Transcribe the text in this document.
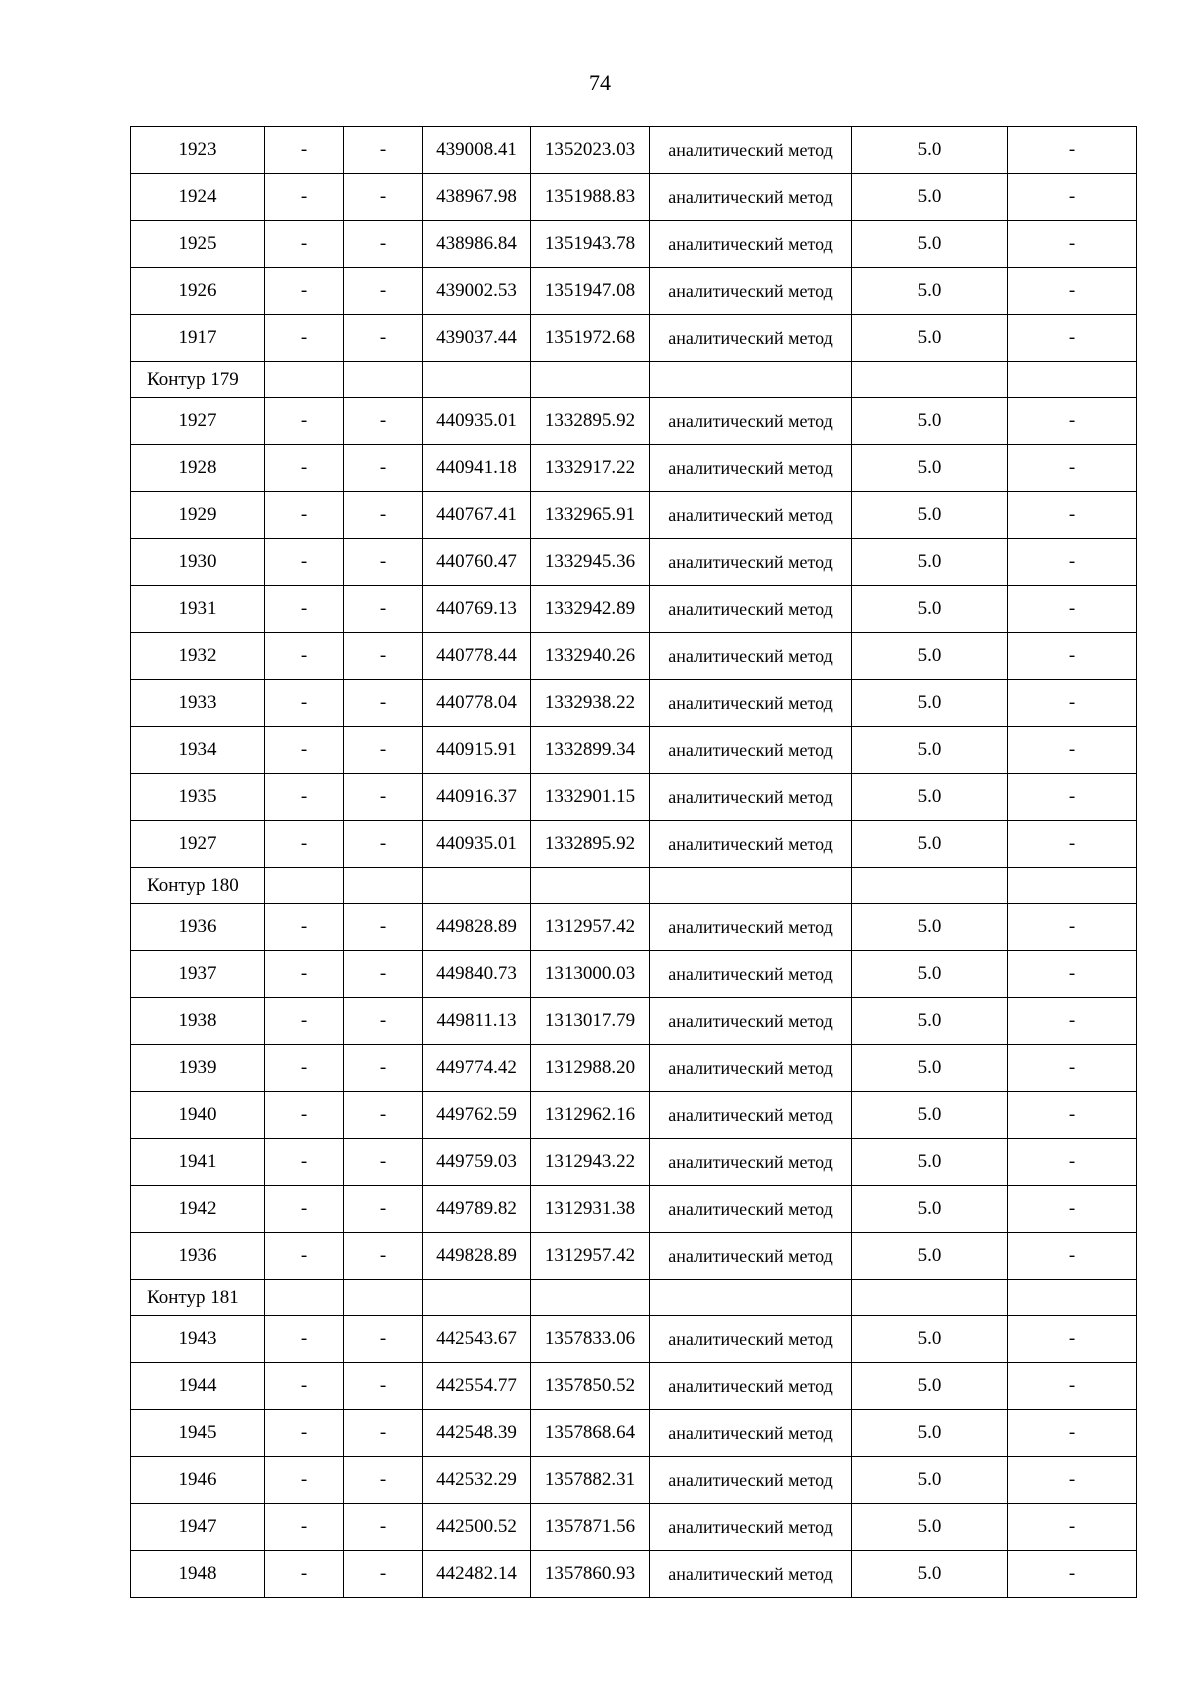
74
1923	-	-	439008.41	1352023.03	аналитический метод	5.0	-
1924	-	-	438967.98	1351988.83	аналитический метод	5.0	-
1925	-	-	438986.84	1351943.78	аналитический метод	5.0	-
1926	-	-	439002.53	1351947.08	аналитический метод	5.0	-
1917	-	-	439037.44	1351972.68	аналитический метод	5.0	-
Контур 179							
1927	-	-	440935.01	1332895.92	аналитический метод	5.0	-
1928	-	-	440941.18	1332917.22	аналитический метод	5.0	-
1929	-	-	440767.41	1332965.91	аналитический метод	5.0	-
1930	-	-	440760.47	1332945.36	аналитический метод	5.0	-
1931	-	-	440769.13	1332942.89	аналитический метод	5.0	-
1932	-	-	440778.44	1332940.26	аналитический метод	5.0	-
1933	-	-	440778.04	1332938.22	аналитический метод	5.0	-
1934	-	-	440915.91	1332899.34	аналитический метод	5.0	-
1935	-	-	440916.37	1332901.15	аналитический метод	5.0	-
1927	-	-	440935.01	1332895.92	аналитический метод	5.0	-
Контур 180							
1936	-	-	449828.89	1312957.42	аналитический метод	5.0	-
1937	-	-	449840.73	1313000.03	аналитический метод	5.0	-
1938	-	-	449811.13	1313017.79	аналитический метод	5.0	-
1939	-	-	449774.42	1312988.20	аналитический метод	5.0	-
1940	-	-	449762.59	1312962.16	аналитический метод	5.0	-
1941	-	-	449759.03	1312943.22	аналитический метод	5.0	-
1942	-	-	449789.82	1312931.38	аналитический метод	5.0	-
1936	-	-	449828.89	1312957.42	аналитический метод	5.0	-
Контур 181							
1943	-	-	442543.67	1357833.06	аналитический метод	5.0	-
1944	-	-	442554.77	1357850.52	аналитический метод	5.0	-
1945	-	-	442548.39	1357868.64	аналитический метод	5.0	-
1946	-	-	442532.29	1357882.31	аналитический метод	5.0	-
1947	-	-	442500.52	1357871.56	аналитический метод	5.0	-
1948	-	-	442482.14	1357860.93	аналитический метод	5.0	-
